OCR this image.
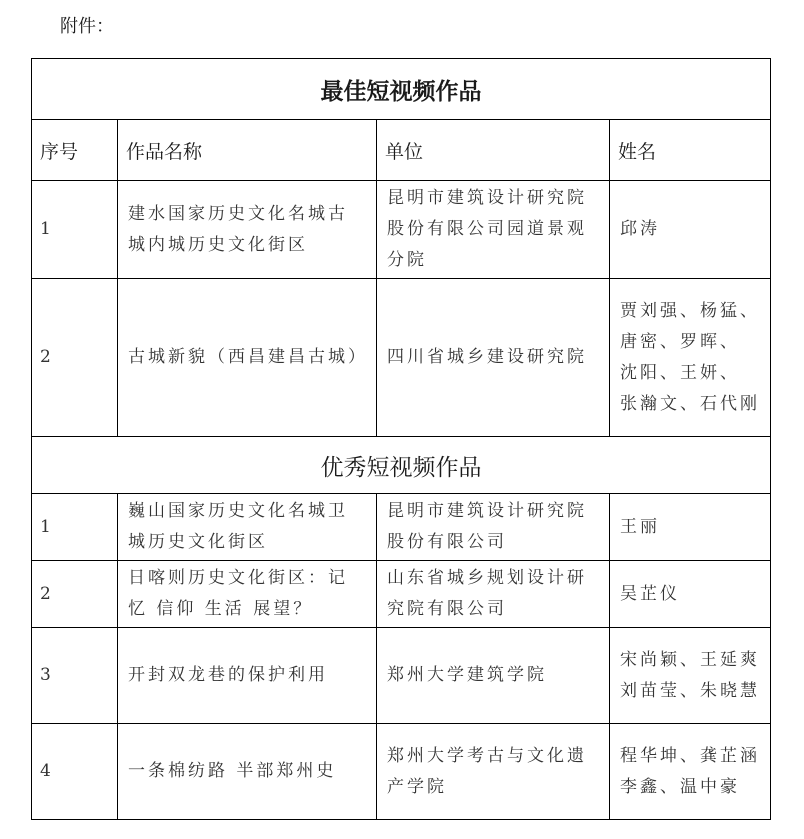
附件：
最佳短视频作品			
序号	作品名称	单位	姓名
1	建水国家历史文化名城古城内城历史文化街区	昆明市建筑设计研究院股份有限公司园道景观分院	邱涛
2	古城新貌（西昌建昌古城）	四川省城乡建设研究院	贾刘强、杨猛、唐密、罗晖、 沈阳、王妍、 张瀚文、石代刚
优秀短视频作品			
1	巍山国家历史文化名城卫城历史文化街区	昆明市建筑设计研究院股份有限公司	王丽
2	日喀则历史文化街区：记忆 信仰 生活 展望？	山东省城乡规划设计研究院有限公司	吴芷仪
3	开封双龙巷的保护利用	郑州大学建筑学院	宋尚颖、王延爽 刘苗莹、朱晓慧
4	一条棉纺路 半部郑州史	郑州大学考古与文化遗产学院	程华坤、龚芷涵 李鑫、温中豪
